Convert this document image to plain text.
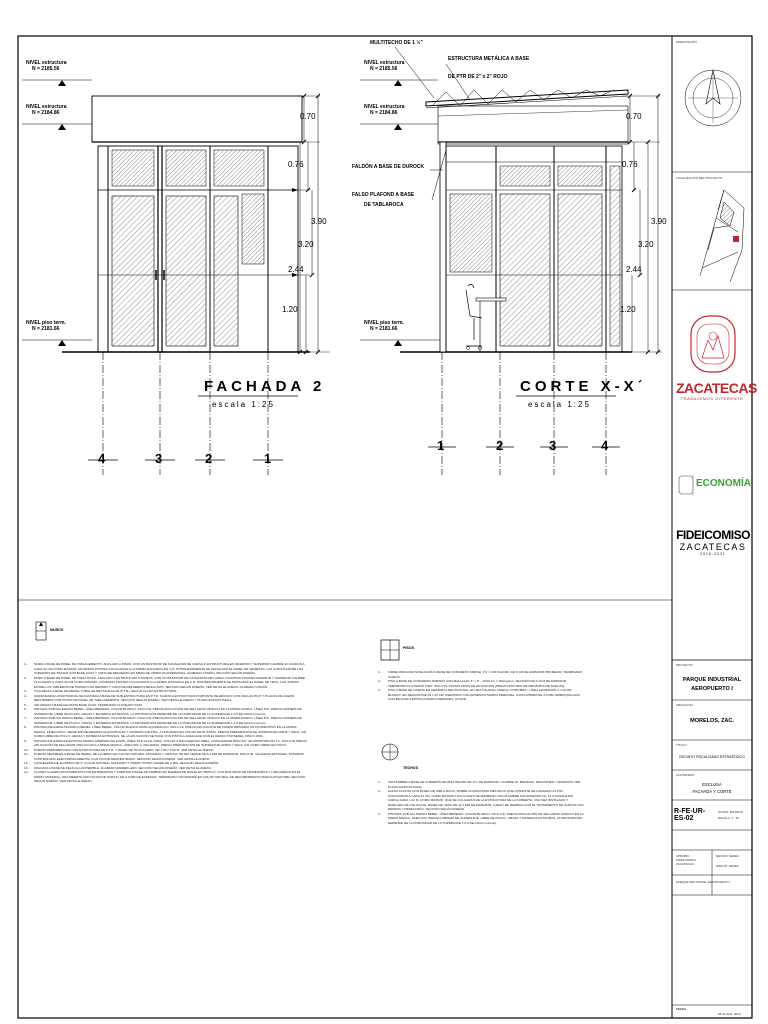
NIVEL estructura
N = 2185.56
NIVEL estructura
N = 2184.86
NIVEL piso term.
N = 2181.66
0.70
0.76
3.90
3.20
2.44
1.20
FACHADA 2
escala 1:25
4	3	2	1
NIVEL estructura
N = 2185.56
NIVEL estructura
N = 2184.86
NIVEL piso term.
N = 2181.66
MULTITECHO DE 1 ½"
ESTRUCTURA METÁLICA A BASE
DE PTR DE 2" x 2" ROJO
FALDÓN A BASE DE DUROCK
FALSO PLAFOND A BASE
DE TABLAROCA
0.70
0.76
3.90
3.20
2.44
1.20
CORTE X-X´
escala 1:25
1	2	3	4
MUROS
1.-	MURO A BASE DE PANEL DE TABLACEMENTO, ANCLADO A PISOS, CON UN BASTIDOR DE CANALETAS DE CARGA O ESTRUCTURALES INFERIOR Y SUPERIOR CALIBRE 22 FIJADOS A CADA 40 CM COMO MÁXIMO, ASÍ MISMO POSTES COLOCADOS A LA MISMA DISTANCIA EN C.D. POSTERIORMENTE SE INSTALARÁ EL PANEL DE CEMENTO, LAS JUNTAS ENTRE LOS TABLEROS DE TRATAN CON BASE COAT Y CINTA DE REFUERZO EN FIBRA DE VIDRIO POLIMERIZADA. ACABADO COMÚN, SECCIÓN SEGÚN DISEÑO.
2.-	MURO A BASE DE PANEL DE TABLA ROCA, ANCLADO A ESTRUCTURA O MUROS, CON UN BASTIDOR DE CANALETAS DE CARGA O ESTRUCTURALES INFERIOR Y SUPERIOR CALIBRE 22 FIJADOS A CADA 40 CM COMO MÁXIMO, ASÍ MISMO POSTES COLOCADOS A LA MISMA DISTANCIA EN C.D. POSTERIORMENTE SE INSTALARÁ EL PANEL DE YESO, LAS JUNTAS ENTRE LOS TABLEROS DE TRATAN CON REDIMIX Y CINTA DE REFUERZO PERFACINTA. SECCIÓN SEGÚN DISEÑO. VER DETALLE ANEXO. ACABADO COMÚN.
3.-	COLUMNAS A BASE DE PERFIL TUBULAR RECTANGULAR (P.T.R.) SEGÚN PLANO ESTRUCTURAL.
4.-	MARQUESINA LONGITUDINAL DE FACHADA A BASE DE SUB-ESTRUCTURA EN P.T.R. SUJETA A ESTRUCTURA PORTANTE DE EDIFICIO CON ANCLAS HILTI Y PLACAS DE ACERO, RECUBIERTA CON HOJAS DE PANEL DE TABLACEMENTO. SECCIÓN SEGÚN DISEÑO. VER DETALLE ANEXO Y PLANO ESTRUCTURAL.
5.-	APLANADO A BASE DE PASTA BASE COAT, TERMINADO FLOTEADO FINO.
6.-	PINTURA VINÍLICA MARCA BEREL, LÍNEA BERELEX, COLOR BLANCO. INCLUYE: PREVIA APLICACIÓN DE SELLADOR VINÍLICO EN LA MISMA MARCA, LÍNEA 570, PREVIA LIMPIEZA DE SUPERFICIE, LIBRE DE POLVO, GRASA Y MATERIAS EXTRAÑAS, LA PROPORCIÓN DEPENDE DE LA POROSIDAD DE LA SUPERFICIE 1 A 5 DE AGUA (mínimo).
7.-	PINTURA VINÍLICA MARCA BEREL, LÍNEA BERELEX, COLOR BLANCO. INCLUYE: PREVIA APLICACIÓN DE SELLADOR VINÍLICO EN LA MISMA MARCA, LÍNEA 570, PREVIA LIMPIEZA DE SUPERFICIE, LIBRE DE POLVO, GRASA Y MATERIAS EXTRAÑAS, LA PROPORCIÓN DEPENDE DE LA POROSIDAD DE LA SUPERFICIE 1 A 5 DE AGUA (mínimo).
8.-	PINTURA DE ESMALTE MARCA BEREL, LÍNEA BEREL, COLOR BLANCO MATE AQUADALICO. INCLUYE: PREVIA APLICACIÓN DE FONDO PRIMARIO ANTICORROSIVO EN LA MISMA MARCA, LÍNEA NOVO, SERIE 300 DE RESINAS ALQUIDÁLICAS Y CROMATO DE ZINC, A UNA MANO EN COLOR ROJO ÓXIDO. PREVIA PREPARACIÓN DE SUPERFICIE LIMPIA Y SECA, ASÍ COMO LIBRE DE POLVO, GRASA Y MATERIAS EXTRAÑAS, SE LA APLICACIÓN SE HACE CON PISTOLA ADELGACE CON EL REDUCTOR BEREL 1560 O 1560.
9.-	PINTURA DE ESMALTE EPÓXICA MARCA SHERWIN WILLIAMS, LÍNEA TILE CLAD II MAX, COLOR: A ESCOGER EN OBRA, CATALIZADOR B60V-207, EN PROPORCIÓN 1:1, INCLUYE PREVIA APLICACIÓN DE SELLADOR VINÍLICO EN LA MISMA MARCA, LÍNEA 570. A UNA MANO. PREVIA PREPARACIÓN DE SUPERFICIE LIMPIA Y SECA, ASÍ COMO LIBRE DE POLVO.
10.-	PUERTA PREFABRICADA CON ESTRUCTURA DE P.T.R. Y PANEL DE HOJA ACERO, DE 1.00 x 2.50 M. VER DETALLE ANEXO.
11.-	PUERTA ABATIBLES A BASE DE PERFIL DE ALUMINIO EN COLOR NATURAL SATINADO Y CRISTAL TINTEX VERDE DE 6.0 MM DE ESPESOR. INCLUYE: JALADERA ESTRIADA, PASADOR CONTROLADO ELECTRÓNICAMENTE, CON PIVOTE DESCENTRADO. SECCIÓN SEGÚN DISEÑO. VER DETALLE ANEXO.
12.-	CANCELERÍA DE ALUMINIO DE 3" COLOR NATURAL SATINADO Y VIDRIO TINTEX VERDE DE 6 MM. SECCIÓN SEGÚN DISEÑO.
13.-	FRANJAS A BASE DE PELÍCULA ADHERIBLE, ACABADO ESMERILADO. SECCIÓN SEGÚN DISEÑO. VER DETALLE ANEXO.
14.-	CLOSET GUARDA DOCUMENTOS CON ENTREPAÑOS Y PUERTAS A BASE DE TAMBOR EN MADERA DE BANAK EN TRIPLAY, CON BASTIDOR DE TRAVESAÑOS Y LARGUEROS EN EL MISMO MATERIAL, RECUBIERTA CON HOJAS DE TRIPLAY DE 6.0 MM DE ESPESOR. TERMINADO CON BARNIZ EN COLOR NATURAL DE RECUBRIMIENTO MARCA POLIFORM. SECCIÓN SEGÚN DISEÑO. VER DETALLE ANEXO.
PISOS
1.-	FIRME PARA DAR NIVELACIÓN A BASE DE CONCRETO SIMPLE, F'C = 100 KG/CM2, DE 6 CM DE ESPESOR PROMEDIO, TERMINADO COMÚN.
2.-	PISO A BASE DE CONCRETO ARMADO CON MALLALAC 6" x 6" - 10/10 F'c = 150 kg/cm². SECCIÓN DE 0.10 M DE ESPESOR, TERMINADO FLOTEADO FINO. INCLUYE JUNTAS FRÍAS DE DILATACIÓN (PREVIO ESTUDIO DE MECÁNICA DE SUELOS).
3.-	PISO A BASE DE LOSETA EN CERÁMICA RECTIFICADA, EN 1RA CALIDAD, MARCA "VITROMEX", LÍNEA LEONARDO 3, COLOR BLANCO, EN SECCIÓN DE 33 x 33 CM, ASENTADO CON ADHESIVO MARCA PERDURA, JUNTA MÍNIMA DE 3.0 MM, EMBOQUILLADO CON BOQUILLA EPÓXICA MARCA PERDURA, COLOR.
TECHOS
1.-	TECHUMBRE A BASE DE CUBIERTA DE MULTITECHO DE 1½" DE ESPESOR. CALIBRE 26, MEDIDAS, SECCIONES Y ARMADOS VER PLANO ESTRUCTURAL.
2.-	FALSO PLAFÓN CON PANEL DE TABLA ROCA, SOBRE UN BASTIDOR METÁLICO QUE CONSISTE DE CANALES LISTÓN, COLOCADOS A CADA 61 CM, COMO MÁXIMO LOS CUALES SE AMARRAN CON ALAMBRE GALVANIZADO No. 12 A CANALETAS CARGA CADA 1.22 M, COMO MÁXIMO, QUE SE COLGARÁN DE LA ESTRUCTURA DE LA CUBIERTA, UNA VEZ INSTALADO Y NIVELADO SE COLOCA EL PANEL DE YESO DE 12.7 MM DE ESPESOR, LUEGO SE TERMINA CON EL TRATAMIENTO DE JUNTAS CON REDIMIX Y PERFACINTA. SECCIÓN SEGÚN DISEÑO.
3.-	PINTURA VINÍLICA MARCA BEREL, LÍNEA BERELEX, COLOR BLANCO. INCLUYE: PREVIA APLICACIÓN DE SELLADOR VINÍLICO EN LA MISMA MARCA, LÍNEA 570, PREVIA LIMPIEZA DE SUPERFICIE, LIBRE DE POLVO, GRASA Y MATERIAS EXTRAÑAS, LA PROPORCIÓN DEPENDE DE LA POROSIDAD DE LA SUPERFICIE 1 A 5 DE AGUA (mínimo).
ORIENTACIÓN
LOCALIZACIÓN DEL PROYECTO
ZACATECAS
TRABAJEMOS DIFERENTE
ECONOMÍA
FIDEICOMISO
ZACATECAS
2016-2021
PROYECTO
PARQUE INDUSTRIAL
AEROPUERTO I
UBICACIÓN
MORELOS, ZAC.
TÍTULO
RECINTO FISCALIZADO ESTRATÉGICO
CONTENIDO
ESCLUSA
FACHADA Y CORTE
R-FE-UR-ES-02
COTAS: METROS
ESCALA: 1 : 25
APROBÓ: FIDEICOMISO ZACATECAS
REVISÓ: SEDEC
DIBUJÓ: SEDEC
PARQUE INDUSTRIAL AEROPUERTO I
FECHA
08 de Abril, 2019
